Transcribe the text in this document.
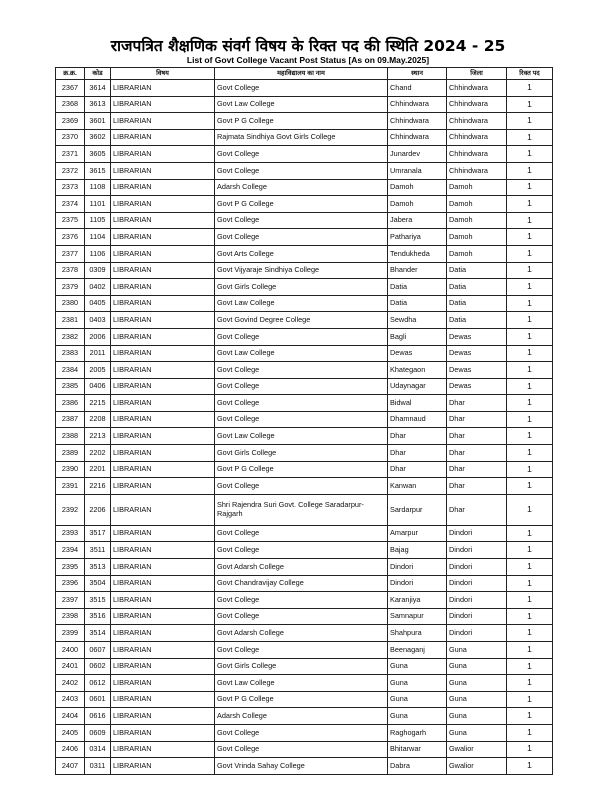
राजपत्रित शैक्षणिक संवर्ग विषय के रिक्त पद की स्थिति 2024 - 25
List of Govt College Vacant Post Status [As on 09.May.2025]
क्र.क्र.	कोड	विषय	महाविद्यालय का नाम	स्थान	जिला	रिक्त पद
2367	3614	LIBRARIAN	Govt College	Chand	Chhindwara	1
2368	3613	LIBRARIAN	Govt Law College	Chhindwara	Chhindwara	1
2369	3601	LIBRARIAN	Govt P G College	Chhindwara	Chhindwara	1
2370	3602	LIBRARIAN	Rajmata Sindhiya Govt Girls College	Chhindwara	Chhindwara	1
2371	3605	LIBRARIAN	Govt College	Junardev	Chhindwara	1
2372	3615	LIBRARIAN	Govt College	Umranala	Chhindwara	1
2373	1108	LIBRARIAN	Adarsh College	Damoh	Damoh	1
2374	1101	LIBRARIAN	Govt P G College	Damoh	Damoh	1
2375	1105	LIBRARIAN	Govt College	Jabera	Damoh	1
2376	1104	LIBRARIAN	Govt College	Pathariya	Damoh	1
2377	1106	LIBRARIAN	Govt Arts College	Tendukheda	Damoh	1
2378	0309	LIBRARIAN	Govt Vijyaraje Sindhiya College	Bhander	Datia	1
2379	0402	LIBRARIAN	Govt Girls College	Datia	Datia	1
2380	0405	LIBRARIAN	Govt Law College	Datia	Datia	1
2381	0403	LIBRARIAN	Govt Govind Degree College	Sewdha	Datia	1
2382	2006	LIBRARIAN	Govt College	Bagli	Dewas	1
2383	2011	LIBRARIAN	Govt Law College	Dewas	Dewas	1
2384	2005	LIBRARIAN	Govt College	Khategaon	Dewas	1
2385	0406	LIBRARIAN	Govt College	Udaynagar	Dewas	1
2386	2215	LIBRARIAN	Govt College	Bidwal	Dhar	1
2387	2208	LIBRARIAN	Govt College	Dhamnaud	Dhar	1
2388	2213	LIBRARIAN	Govt Law College	Dhar	Dhar	1
2389	2202	LIBRARIAN	Govt Girls College	Dhar	Dhar	1
2390	2201	LIBRARIAN	Govt P G College	Dhar	Dhar	1
2391	2216	LIBRARIAN	Govt College	Kanwan	Dhar	1
2392	2206	LIBRARIAN	Shri Rajendra Suri Govt. College Saradarpur-Rajgarh	Sardarpur	Dhar	1
2393	3517	LIBRARIAN	Govt College	Amarpur	Dindori	1
2394	3511	LIBRARIAN	Govt College	Bajag	Dindori	1
2395	3513	LIBRARIAN	Govt Adarsh College	Dindori	Dindori	1
2396	3504	LIBRARIAN	Govt Chandravijay College	Dindori	Dindori	1
2397	3515	LIBRARIAN	Govt College	Karanjiya	Dindori	1
2398	3516	LIBRARIAN	Govt College	Samnapur	Dindori	1
2399	3514	LIBRARIAN	Govt Adarsh College	Shahpura	Dindori	1
2400	0607	LIBRARIAN	Govt College	Beenaganj	Guna	1
2401	0602	LIBRARIAN	Govt Girls College	Guna	Guna	1
2402	0612	LIBRARIAN	Govt Law College	Guna	Guna	1
2403	0601	LIBRARIAN	Govt P G College	Guna	Guna	1
2404	0616	LIBRARIAN	Adarsh College	Guna	Guna	1
2405	0609	LIBRARIAN	Govt College	Raghogarh	Guna	1
2406	0314	LIBRARIAN	Govt College	Bhitarwar	Gwalior	1
2407	0311	LIBRARIAN	Govt Vrinda Sahay College	Dabra	Gwalior	1
